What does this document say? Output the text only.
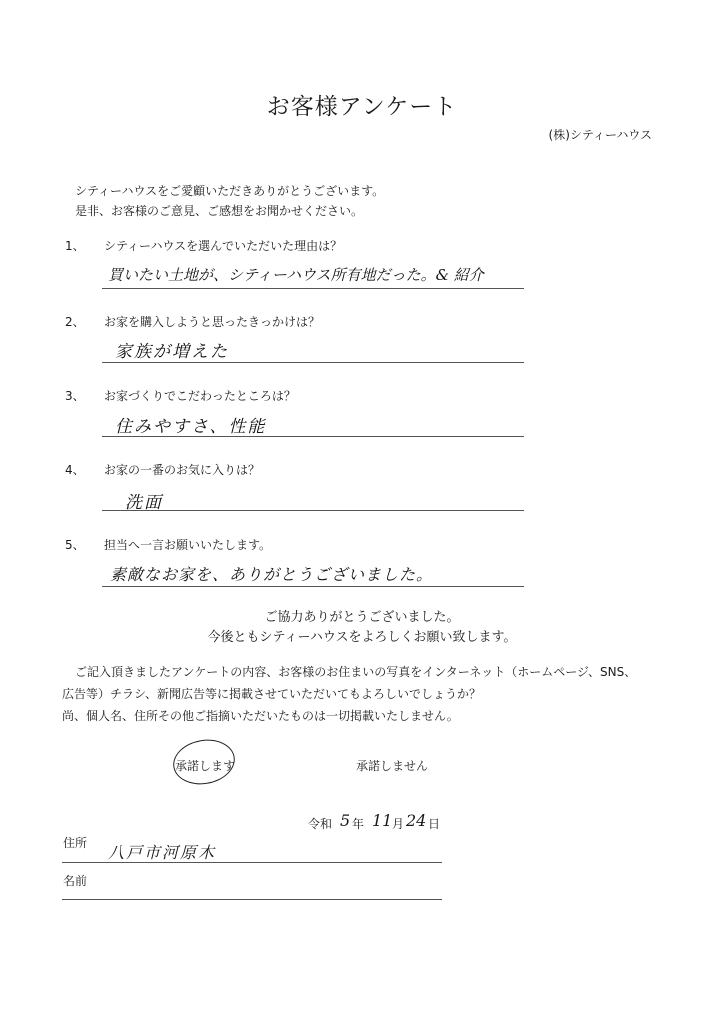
お客様アンケート
(株)シティーハウス
シティーハウスをご愛顧いただきありがとうございます。
是非、お客様のご意見、ご感想をお聞かせください。
1、 シティーハウスを選んでいただいた理由は？
買いたい土地が、シティーハウス所有地だった。& 紹介
2、 お家を購入しようと思ったきっかけは？
家族が増えた
3、 お家づくりでこだわったところは？
住みやすさ、性能
4、 お家の一番のお気に入りは？
洗面
5、 担当へ一言お願いいたします。
素敵なお家を、ありがとうございました。
ご協力ありがとうございました。
今後ともシティーハウスをよろしくお願い致します。
ご記入頂きましたアンケートの内容、お客様のお住まいの写真をインターネット（ホームページ、SNS、
広告等）チラシ、新聞広告等に掲載させていただいてもよろしいでしょうか？
尚、個人名、住所その他ご指摘いただいたものは一切掲載いたしません。
承諾します	承諾しません
令和 5 年 11 月 24 日
住所 八戸市河原木
名前
